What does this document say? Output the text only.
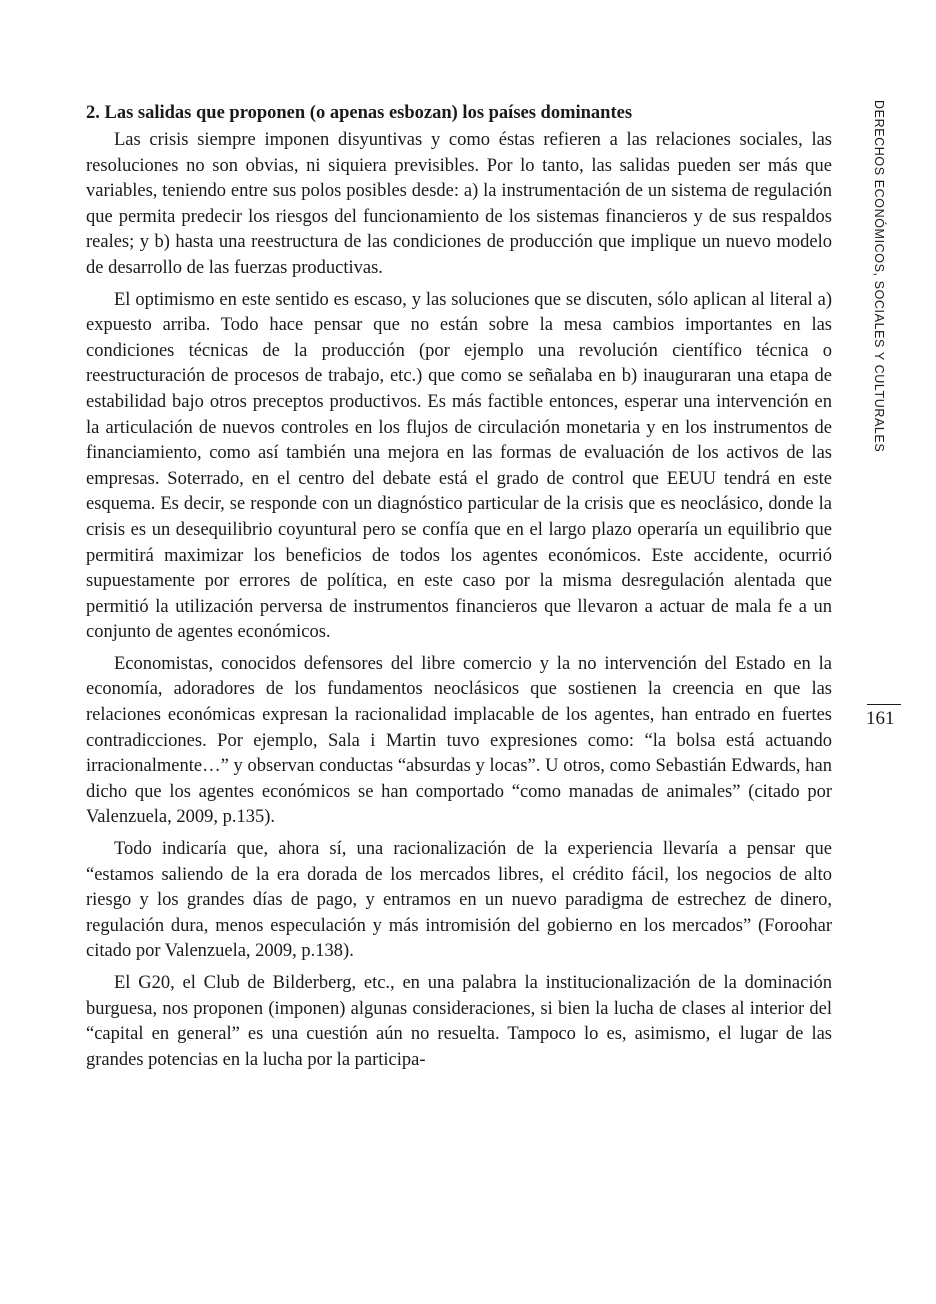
2. Las salidas que proponen (o apenas esbozan) los países dominantes

Las crisis siempre imponen disyuntivas y como éstas refieren a las relaciones sociales, las resoluciones no son obvias, ni siquiera previsibles. Por lo tanto, las salidas pueden ser más que variables, teniendo entre sus polos posibles desde: a) la instrumentación de un sistema de regulación que permita predecir los riesgos del funcionamiento de los sistemas financieros y de sus respaldos reales; y b) hasta una reestructura de las condiciones de producción que implique un nuevo modelo de desarrollo de las fuerzas productivas.

El optimismo en este sentido es escaso, y las soluciones que se discuten, sólo aplican al literal a) expuesto arriba. Todo hace pensar que no están sobre la mesa cambios importantes en las condiciones técnicas de la producción (por ejemplo una revolución científico técnica o reestructuración de procesos de trabajo, etc.) que como se señalaba en b) inauguraran una etapa de estabilidad bajo otros preceptos productivos. Es más factible entonces, esperar una intervención en la articulación de nuevos controles en los flujos de circulación monetaria y en los instrumentos de financiamiento, como así también una mejora en las formas de evaluación de los activos de las empresas. Soterrado, en el centro del debate está el grado de control que EEUU tendrá en este esquema. Es decir, se responde con un diagnóstico particular de la crisis que es neoclásico, donde la crisis es un desequilibrio coyuntural pero se confía que en el largo plazo operaría un equilibrio que permitirá maximizar los beneficios de todos los agentes económicos. Este accidente, ocurrió supuestamente por errores de política, en este caso por la misma desregulación alentada que permitió la utilización perversa de instrumentos financieros que llevaron a actuar de mala fe a un conjunto de agentes económicos.

Economistas, conocidos defensores del libre comercio y la no intervención del Estado en la economía, adoradores de los fundamentos neoclásicos que sostienen la creencia en que las relaciones económicas expresan la racionalidad implacable de los agentes, han entrado en fuertes contradicciones. Por ejemplo, Sala i Martin tuvo expresiones como: “la bolsa está actuando irracionalmente…” y observan conductas “absurdas y locas”. U otros, como Sebastián Edwards, han dicho que los agentes económicos se han comportado “como manadas de animales” (citado por Valenzuela, 2009, p.135).

Todo indicaría que, ahora sí, una racionalización de la experiencia llevaría a pensar que “estamos saliendo de la era dorada de los mercados libres, el crédito fácil, los negocios de alto riesgo y los grandes días de pago, y entramos en un nuevo paradigma de estrechez de dinero, regulación dura, menos especulación y más intromisión del gobierno en los mercados” (Foroohar citado por Valenzuela, 2009, p.138).

El G20, el Club de Bilderberg, etc., en una palabra la institucionalización de la dominación burguesa, nos proponen (imponen) algunas consideraciones, si bien la lucha de clases al interior del “capital en general” es una cuestión aún no resuelta. Tampoco lo es, asimismo, el lugar de las grandes potencias en la lucha por la participa-

DERECHOS ECONÓMICOS, SOCIALES Y CULTURALES
161
